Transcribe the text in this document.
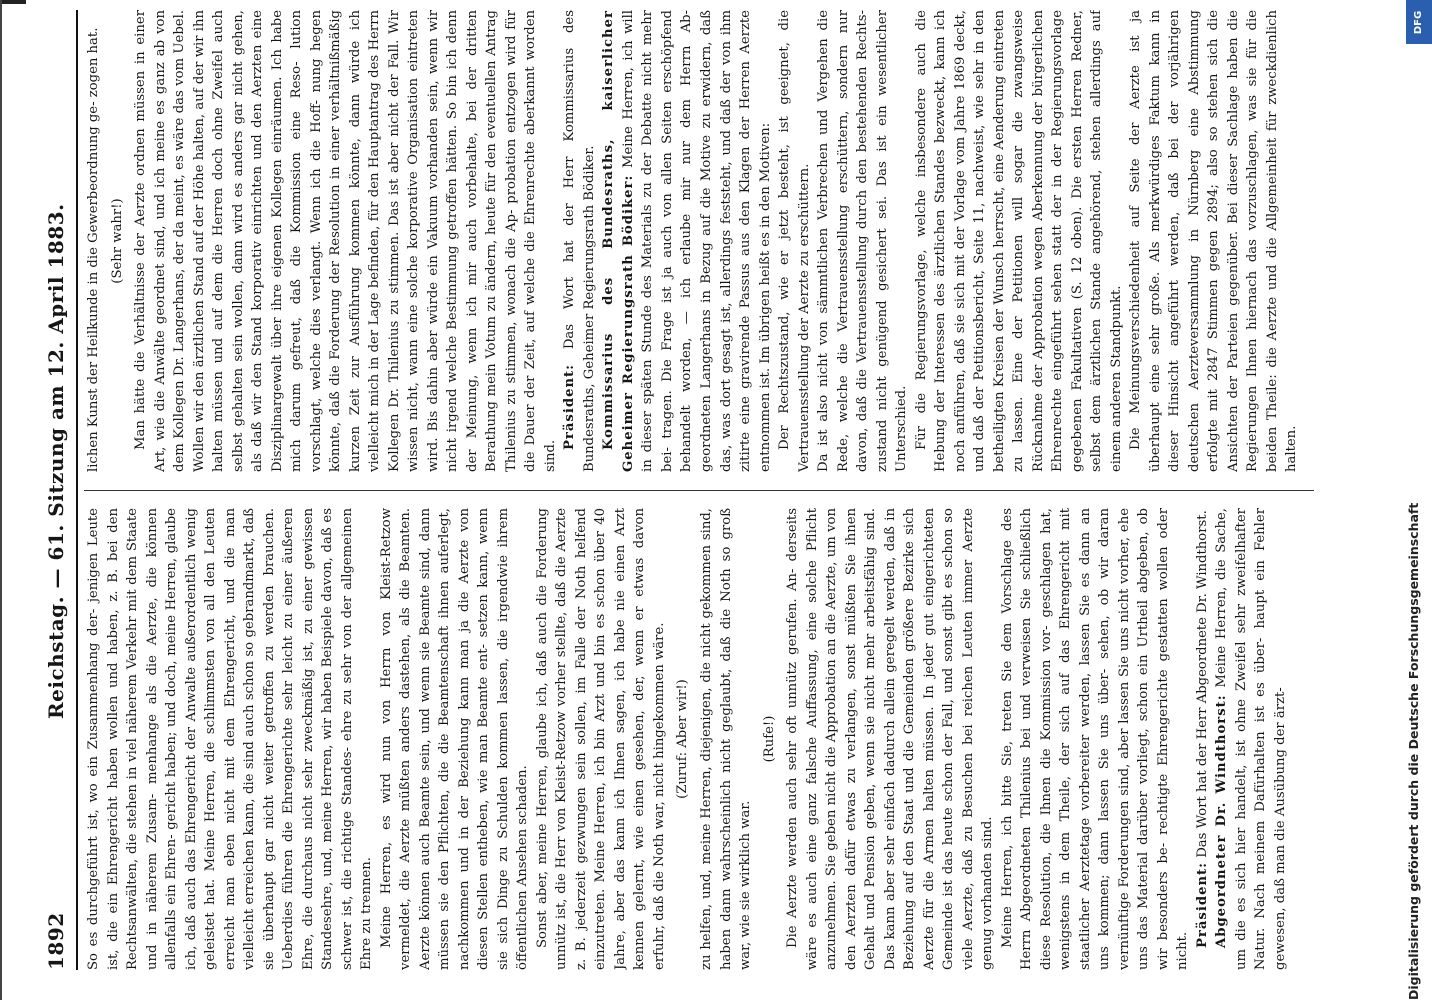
1892
Reichstag. — 61. Sitzung am 12. April 1883.

So es durchgeführt ist, wo ein Zusammenhang der- jenigen Leute ist, die ein Ehrengericht haben wollen und haben, z. B. bei den Rechtsanwälten, die stehen in viel näherem Verkehr mit dem Staate und in näherem Zusam- menhange als die Aerzte, die können allenfalls ein Ehren- gericht haben; und doch, meine Herren, glaube ich, daß auch das Ehrengericht der Anwalte außerordentlich wenig geleistet hat. Meine Herren, die schlimmsten von all den Leuten erreicht man eben nicht mit dem Ehrengericht, und die man vielleicht erreichen kann, die sind auch schon so gebrandmarkt, daß sie überhaupt gar nicht weiter getroffen zu werden brauchen. Ueberdies führen die Ehrengerichte sehr leicht zu einer äußeren Ehre, die durchaus nicht sehr zweckmäßig ist, zu einer gewissen Standesehre, und, meine Herren, wir haben Beispiele davon, daß es schwer ist, die richtige Standes- ehre zu sehr von der allgemeinen Ehre zu trennen. Meine Herren, es wird nun von Herrn von Kleist-Retzow vermeldet, die Aerzte müßten anders dastehen, als die Beamten. Aerzte können auch Beamte sein, und wenn sie Beamte sind, dann müssen sie den Pflichten, die die Beamtenschaft ihnen auferlegt, nachkommen und in der Beziehung kann man ja die Aerzte von diesen Stellen entheben, wie man Beamte ent- setzen kann, wenn sie sich Dinge zu Schulden kommen lassen, die irgendwie ihrem öffentlichen Ansehen schaden. Sonst aber, meine Herren, glaube ich, daß auch die Forderung unnütz ist, die Herr von Kleist-Retzow vorher stellte, daß die Aerzte z. B. jederzeit gezwungen sein sollen, im Falle der Noth helfend einzutreten. Meine Herren, ich bin Arzt und bin es schon über 40 Jahre, aber das kann ich Ihnen sagen, ich habe nie einen Arzt kennen gelernt, wie einen gesehen, der, wenn er etwas davon erfuhr, daß die Noth war, nicht hingekommen wäre. (Zuruf: Aber wir!) zu helfen, und, meine Herren, diejenigen, die nicht gekommen sind, haben dann wahrscheinlich nicht geglaubt, daß die Noth so groß war, wie sie wirklich war.

(Rufe!) Die Aerzte werden auch sehr oft unnütz gerufen. An- derseits wäre es auch eine ganz falsche Auffassung, eine solche Pflicht anzunehmen. Sie geben nicht die Approbation an die Aerzte, um von den Aerzten dafür etwas zu verlangen, sonst müßten Sie ihnen Gehalt und Pension geben, wenn sie nicht mehr arbeitsfähig sind. Das kann aber sehr einfach dadurch allein geregelt werden, daß in Beziehung auf den Staat und die Gemeinden größere Bezirke sich Aerzte für die Armen halten müssen. In jeder gut eingerichteten Gemeinde ist das heute schon der Fall, und sonst gibt es schon so viele Aerzte, daß zu Besuchen bei reichen Leuten immer Aerzte genug vorhanden sind. Meine Herren, ich bitte Sie, treten Sie dem Vorschlage des Herrn Abgeordneten Thilenius bei und verweisen Sie schließlich diese Resolution, die Ihnen die Kommission vor- geschlagen hat, wenigstens in dem Theile, der sich auf das Ehrengericht mit staatlicher Aerztetage vorbereiter werden, lassen Sie es dann an uns kommen; dann lassen Sie uns über- sehen, ob wir daran vernünftige Forderungen sind, aber lassen Sie uns nicht vorher, ehe uns das Material darüber vorliegt, schon ein Urtheil abgeben, ob wir besonders be- rechtigte Ehrengerichte gestatten wollen oder nicht.

Präsident: Das Wort hat der Herr Abgeordnete Dr. Windthorst. Abgeordneter Dr. Windthorst: Meine Herren, die Sache, um die es sich hier handelt, ist ohne Zweifel sehr zweifelhafter Natur. Nach meinem Dafürhalten ist es über- haupt ein Fehler gewesen, daß man die Ausübung der ärzt-

lichen Kunst der Heilkunde in die Gewerbeordnung ge- zogen hat. (Sehr wahr!) Man hätte die Verhältnisse der Aerzte ordnen müssen in einer Art, wie die Anwälte geordnet sind, und ich meine es ganz ab von dem Kollegen Dr. Langerhans, der da meint, es wäre das vom Uebel. Wollen wir den ärztlichen Stand auf der Höhe halten, auf der wir ihn halten müssen und auf dem die Herren doch ohne Zweifel auch selbst gehalten sein wollen, dann wird es anders gar nicht gehen, als daß wir den Stand korporativ einrichten und den Aerzten eine Disziplinargewalt über ihre eigenen Kollegen einräumen. Ich habe mich darum gefreut, daß die Kommission eine Reso- lution vorschlagt, welche dies verlangt. Wenn ich die Hoff- nung hegen könnte, daß die Forderung der Resolution in einer verhältnißmäßig kurzen Zeit zur Ausführung kommen könnte, dann würde ich vielleicht mich in der Lage befinden, für den Hauptantrag des Herrn Kollegen Dr. Thilenius zu stimmen. Das ist aber nicht der Fall. Wir wissen nicht, wann eine solche korporative Organisation eintreten wird. Bis dahin aber würde ein Vakuum vorhanden sein, wenn wir nicht irgend welche Bestimmung getroffen hätten. So bin ich denn der Meinung, wenn ich mir auch vorbehalte, bei der dritten Berathung mein Votum zu ändern, heute für den eventuellen Antrag Thilenius zu stimmen, wonach die Ap- probation entzogen wird für die Dauer der Zeit, auf welche die Ehrenrechte aberkannt worden sind.

Präsident: Das Wort hat der Herr Kommissarius des Bundesraths, Geheimer Regierungsrath Bödiker. Kommissarius des Bundesraths, kaiserlicher Geheimer Regierungsrath Bödiker: Meine Herren, ich will in dieser späten Stunde des Materials zu der Debatte nicht mehr bei- tragen. Die Frage ist ja auch von allen Seiten erschöpfend behandelt worden, — ich erlaube mir nur dem Herrn Ab- geordneten Langerhans in Bezug auf die Motive zu erwidern, daß das, was dort gesagt ist, allerdings feststeht, und daß der von ihm zitirte eine gravirende Passus aus den Klagen der Herren Aerzte entnommen ist. Im übrigen heißt es in den Motiven: Der Rechtszustand, wie er jetzt besteht, ist geeignet, die Vertrauensstellung der Aerzte zu erschüttern. Da ist also nicht von sämmtlichen Verbrechen und Vergehen die Rede, welche die Vertrauensstellung erschüttern, sondern nur davon, daß die Vertrauensstellung durch den bestehenden Rechts- zustand nicht genügend gesichert sei. Das ist ein wesentlicher Unterschied. Für die Regierungsvorlage, welche insbesondere auch die Hebung der Interessen des ärztlichen Standes bezweckt, kann ich noch anführen, daß sie sich mit der Vorlage vom Jahre 1869 deckt, und daß der Petitionsbericht, Seite 11, nachweist, wie sehr in den betheiligten Kreisen der Wunsch herrscht, eine Aenderung eintreten zu lassen. Eine der Petitionen will sogar die zwangsweise Rücknahme der Approbation wegen Aberkennung der bürgerlichen Ehrenrechte eingeführt sehen statt der in der Regierungsvorlage gegebenen Fakultativen (S. 12 oben). Die ersten Herren Redner, selbst dem ärztlichen Stande angehörend, stehen allerdings auf einem anderen Standpunkt. Die Meinungsverschiedenheit auf Seite der Aerzte ist ja überhaupt eine sehr große. Als merkwürdiges Faktum kann in dieser Hinsicht angeführt werden, daß bei der vorjährigen deutschen Aerzteversammlung in Nürnberg eine Abstimmung erfolgte mit 2847 Stimmen gegen 2894; also so stehen sich die Ansichten der Parteien gegenüber. Bei dieser Sachlage haben die Regierungen Ihnen hiernach das vorzuschlagen, was sie für die beiden Theile: die Aerzte und die Allgemeinheit für zweckdienlich halten.

Digitalisierung gefördert durch die Deutsche Forschungsgemeinschaft
DFG
